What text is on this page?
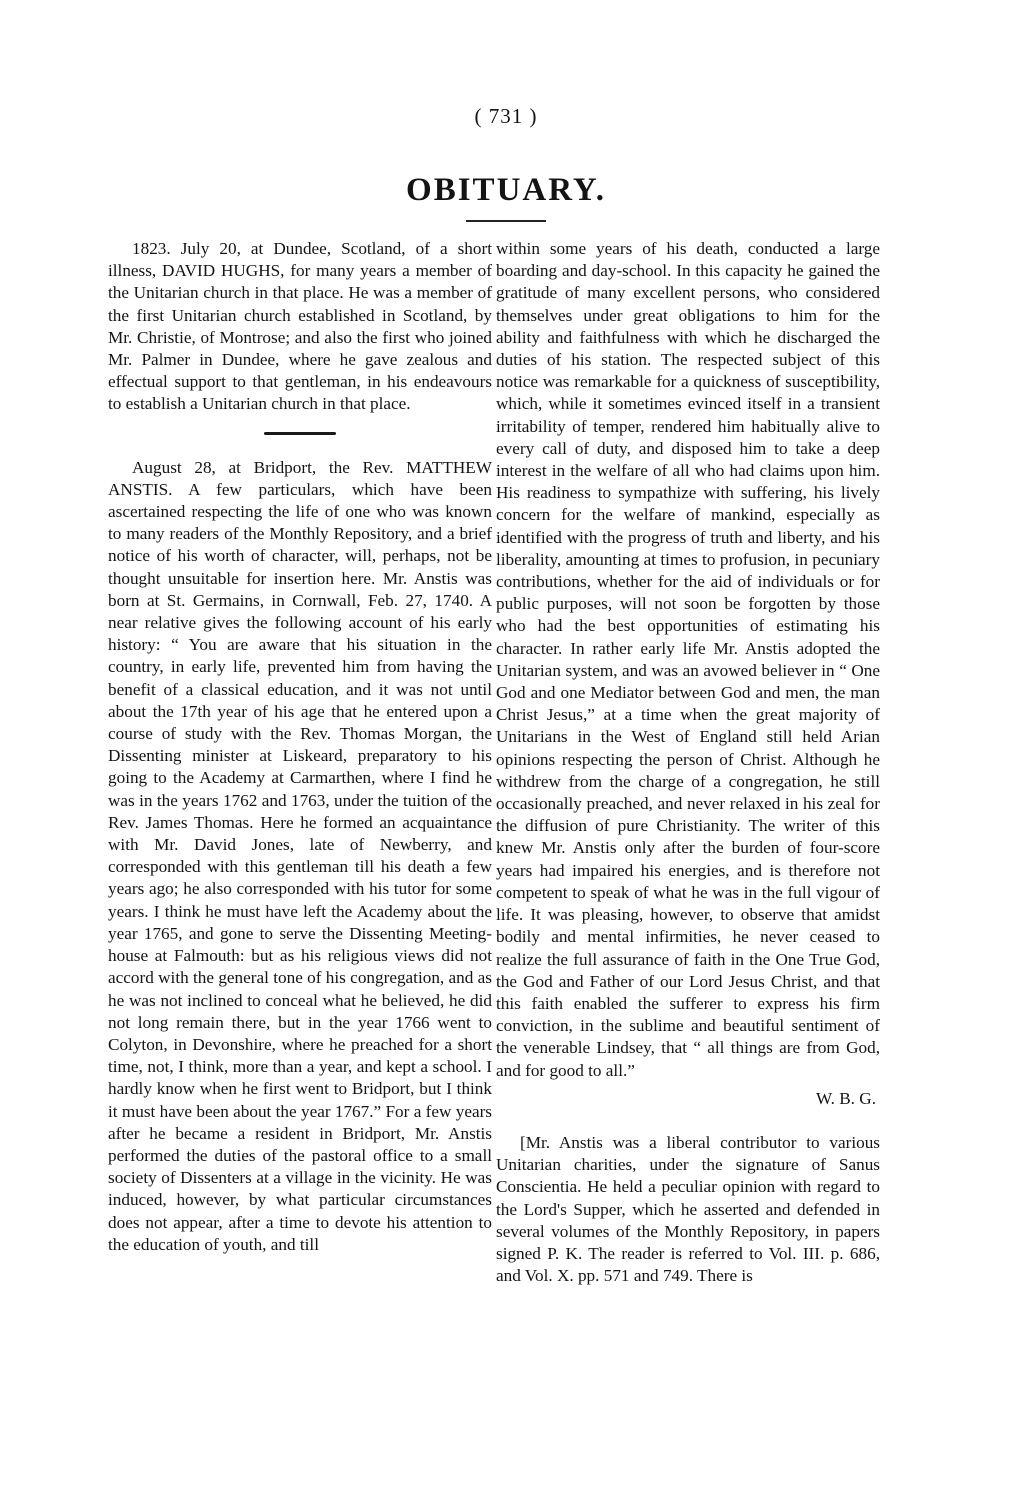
( 731 )
OBITUARY.

1823. July 20, at Dundee, Scotland, of a short illness, DAVID HUGHS, for many years a member of the Unitarian church in that place. He was a member of the first Unitarian church established in Scotland, by Mr. Christie, of Montrose; and also the first who joined Mr. Palmer in Dundee, where he gave zealous and effectual support to that gentleman, in his endeavours to establish a Unitarian church in that place.

August 28, at Bridport, the Rev. MATTHEW ANSTIS. A few particulars, which have been ascertained respecting the life of one who was known to many readers of the Monthly Repository, and a brief notice of his worth of character, will, perhaps, not be thought unsuitable for insertion here. Mr. Anstis was born at St. Germains, in Cornwall, Feb. 27, 1740. A near relative gives the following account of his early history: “ You are aware that his situation in the country, in early life, prevented him from having the benefit of a classical education, and it was not until about the 17th year of his age that he entered upon a course of study with the Rev. Thomas Morgan, the Dissenting minister at Liskeard, preparatory to his going to the Academy at Carmarthen, where I find he was in the years 1762 and 1763, under the tuition of the Rev. James Thomas. Here he formed an acquaintance with Mr. David Jones, late of Newberry, and corresponded with this gentleman till his death a few years ago; he also corresponded with his tutor for some years. I think he must have left the Academy about the year 1765, and gone to serve the Dissenting Meeting-house at Falmouth: but as his religious views did not accord with the general tone of his congregation, and as he was not inclined to conceal what he believed, he did not long remain there, but in the year 1766 went to Colyton, in Devonshire, where he preached for a short time, not, I think, more than a year, and kept a school. I hardly know when he first went to Bridport, but I think it must have been about the year 1767.” For a few years after he became a resident in Bridport, Mr. Anstis performed the duties of the pastoral office to a small society of Dissenters at a village in the vicinity. He was induced, however, by what particular circumstances does not appear, after a time to devote his attention to the education of youth, and till

within some years of his death, conducted a large boarding and day-school. In this capacity he gained the gratitude of many excellent persons, who considered themselves under great obligations to him for the ability and faithfulness with which he discharged the duties of his station. The respected subject of this notice was remarkable for a quickness of susceptibility, which, while it sometimes evinced itself in a transient irritability of temper, rendered him habitually alive to every call of duty, and disposed him to take a deep interest in the welfare of all who had claims upon him. His readiness to sympathize with suffering, his lively concern for the welfare of mankind, especially as identified with the progress of truth and liberty, and his liberality, amounting at times to profusion, in pecuniary contributions, whether for the aid of individuals or for public purposes, will not soon be forgotten by those who had the best opportunities of estimating his character. In rather early life Mr. Anstis adopted the Unitarian system, and was an avowed believer in “ One God and one Mediator between God and men, the man Christ Jesus,” at a time when the great majority of Unitarians in the West of England still held Arian opinions respecting the person of Christ. Although he withdrew from the charge of a congregation, he still occasionally preached, and never relaxed in his zeal for the diffusion of pure Christianity. The writer of this knew Mr. Anstis only after the burden of four-score years had impaired his energies, and is therefore not competent to speak of what he was in the full vigour of life. It was pleasing, however, to observe that amidst bodily and mental infirmities, he never ceased to realize the full assurance of faith in the One True God, the God and Father of our Lord Jesus Christ, and that this faith enabled the sufferer to express his firm conviction, in the sublime and beautiful sentiment of the venerable Lindsey, that “ all things are from God, and for good to all.”

W. B. G.

[Mr. Anstis was a liberal contributor to various Unitarian charities, under the signature of Sanus Conscientia. He held a peculiar opinion with regard to the Lord's Supper, which he asserted and defended in several volumes of the Monthly Repository, in papers signed P. K. The reader is referred to Vol. III. p. 686, and Vol. X. pp. 571 and 749. There is
